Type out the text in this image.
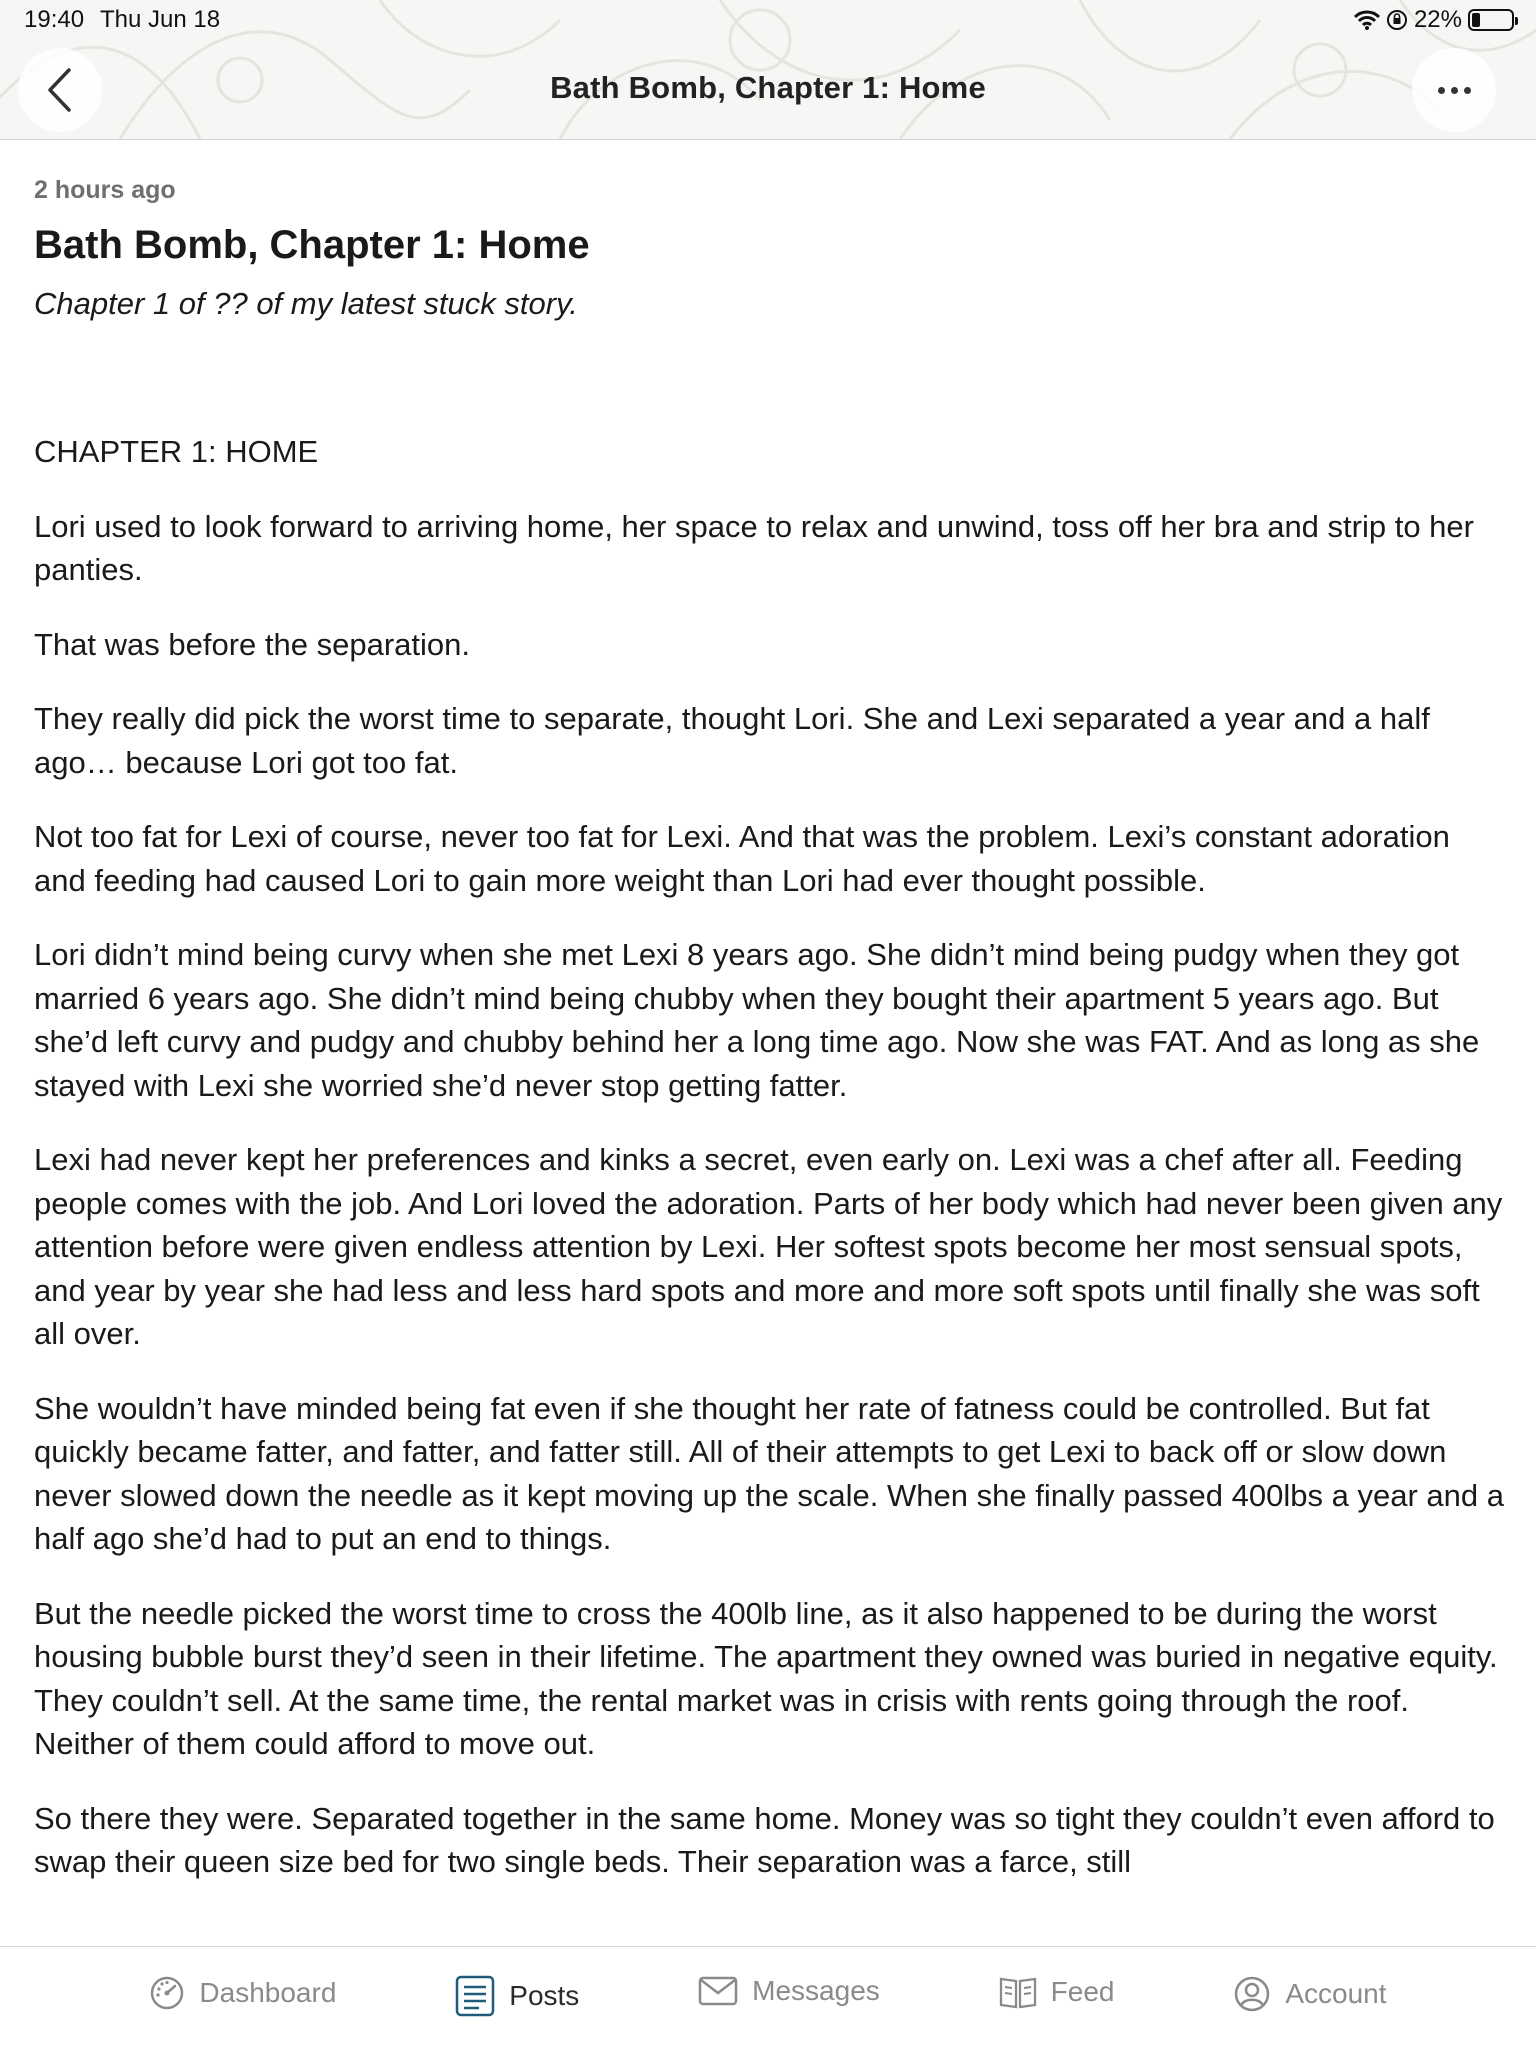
19:40 Thu Jun 18	22%
Bath Bomb, Chapter 1: Home
2 hours ago
Bath Bomb, Chapter 1: Home
Chapter 1 of ?? of my latest stuck story.

CHAPTER 1: HOME

Lori used to look forward to arriving home, her space to relax and unwind, toss off her bra and strip to her panties.

That was before the separation.

They really did pick the worst time to separate, thought Lori. She and Lexi separated a year and a half ago… because Lori got too fat.

Not too fat for Lexi of course, never too fat for Lexi. And that was the problem. Lexi’s constant adoration and feeding had caused Lori to gain more weight than Lori had ever thought possible.

Lori didn’t mind being curvy when she met Lexi 8 years ago. She didn’t mind being pudgy when they got married 6 years ago. She didn’t mind being chubby when they bought their apartment 5 years ago. But she’d left curvy and pudgy and chubby behind her a long time ago. Now she was FAT. And as long as she stayed with Lexi she worried she’d never stop getting fatter.

Lexi had never kept her preferences and kinks a secret, even early on. Lexi was a chef after all. Feeding people comes with the job. And Lori loved the adoration. Parts of her body which had never been given any attention before were given endless attention by Lexi. Her softest spots become her most sensual spots, and year by year she had less and less hard spots and more and more soft spots until finally she was soft all over.

She wouldn’t have minded being fat even if she thought her rate of fatness could be controlled. But fat quickly became fatter, and fatter, and fatter still. All of their attempts to get Lexi to back off or slow down never slowed down the needle as it kept moving up the scale. When she finally passed 400lbs a year and a half ago she’d had to put an end to things.

But the needle picked the worst time to cross the 400lb line, as it also happened to be during the worst housing bubble burst they’d seen in their lifetime. The apartment they owned was buried in negative equity. They couldn’t sell. At the same time, the rental market was in crisis with rents going through the roof. Neither of them could afford to move out.

So there they were. Separated together in the same home. Money was so tight they couldn’t even afford to swap their queen size bed for two single beds. Their separation was a farce, still

Dashboard	Posts	Messages	Feed	Account
